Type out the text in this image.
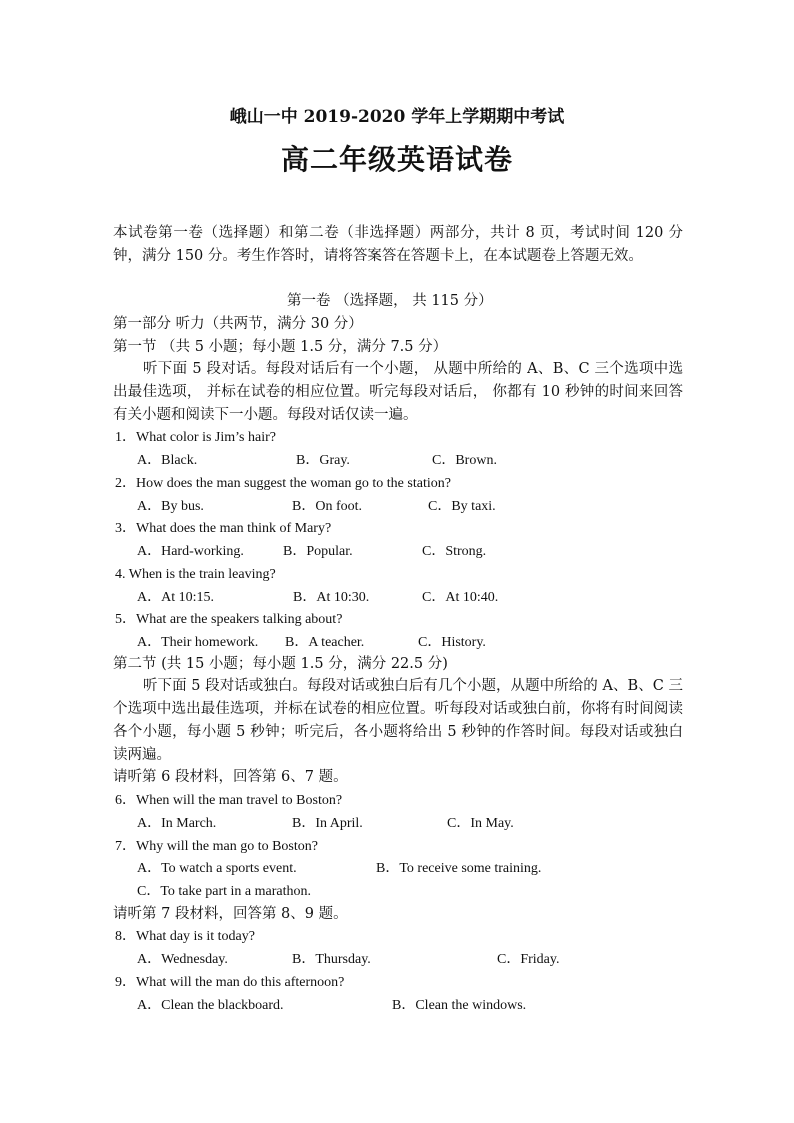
峨山一中 2019-2020 学年上学期期中考试
高二年级英语试卷
本试卷第一卷（选择题）和第二卷（非选择题）两部分，共计 8 页，考试时间 120 分钟，满分 150 分。考生作答时，请将答案答在答题卡上，在本试题卷上答题无效。
第一卷 （选择题， 共 115 分）
第一部分 听力（共两节，满分 30 分）
第一节 （共 5 小题；每小题 1.5 分，满分 7.5 分）
听下面 5 段对话。每段对话后有一个小题， 从题中所给的 A、B、C 三个选项中选出最佳选项， 并标在试卷的相应位置。听完每段对话后， 你都有 10 秒钟的时间来回答有关小题和阅读下一小题。每段对话仅读一遍。
1．What color is Jim’s hair?
A．Black.	B．Gray.	C．Brown.
2．How does the man suggest the woman go to the station?
A．By bus.	B．On foot.	C．By taxi.
3．What does the man think of Mary?
A．Hard-working.	B．Popular.	C．Strong.
4. When is the train leaving?
A．At 10:15.	B．At 10:30.	C．At 10:40.
5．What are the speakers talking about?
A．Their homework. B．A teacher.	C．History.
第二节 (共 15 小题；每小题 1.5 分，满分 22.5 分)
听下面 5 段对话或独白。每段对话或独白后有几个小题，从题中所给的 A、B、C 三个选项中选出最佳选项，并标在试卷的相应位置。听每段对话或独白前，你将有时间阅读各个小题，每小题 5 秒钟；听完后，各小题将给出 5 秒钟的作答时间。每段对话或独白读两遍。
请听第 6 段材料，回答第 6、7 题。
6．When will the man travel to Boston?
A．In March.	B．In April.	C．In May.
7．Why will the man go to Boston?
A．To watch a sports event.	B．To receive some training.
C．To take part in a marathon.
请听第 7 段材料，回答第 8、9 题。
8．What day is it today?
A．Wednesday.	B．Thursday.	C．Friday.
9．What will the man do this afternoon?
A．Clean the blackboard.	B．Clean the windows.
